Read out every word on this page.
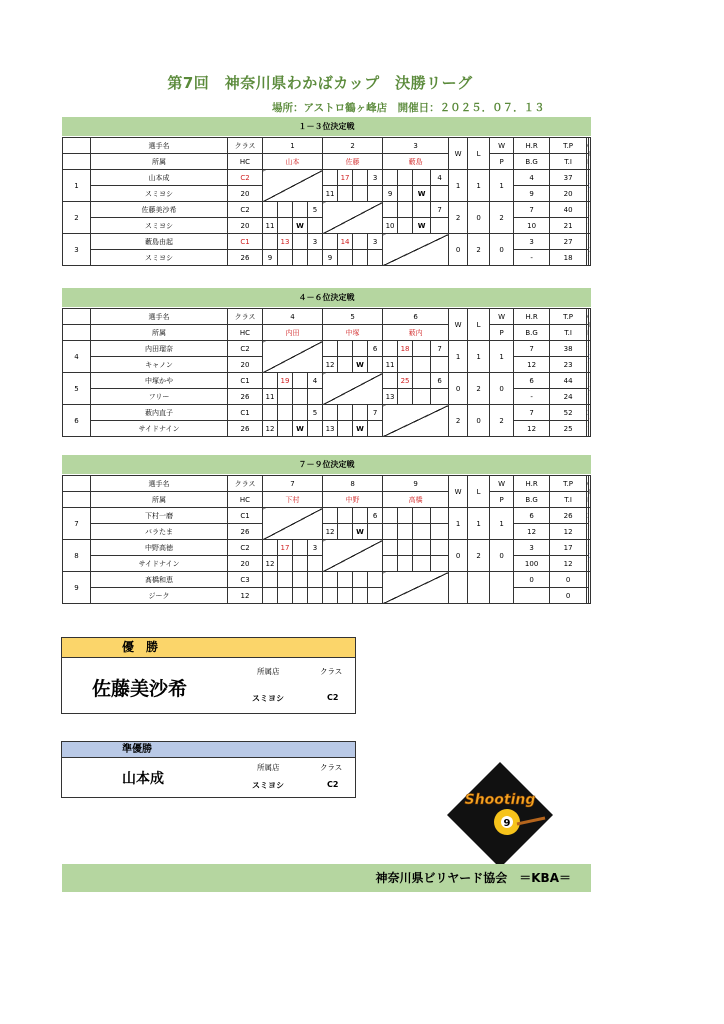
第7回　神奈川県わかばカップ　決勝リーグ
場所：アストロ鶴ヶ峰店　開催日：２０２５．０７．１３
１－３位決定戦
	選手名	クラス	1				2				3				W	L	W	H.R	T.P		
	所属	HC	山本				佐藤				藪島						P	B.G	T.I	
1	山本成	C2						17		3				4	1	1	1	4	37		
	スミヨシ	20					11				9		W					9	20	
2	佐藤美沙希	C2				5								7	2	0	2	7	40		
	スミヨシ	20	11		W						10		W					10	21	
3	藪島由起	C1		13		3		14		3					0	2	0	3	27		
	スミヨシ	26	9				9											-	18	
４－６位決定戦
	選手名	クラス	4				5				6				W	L	W	H.R	T.P		
	所属	HC	内田				中塚				薮内						P	B.G	T.I	
4	内田瑠奈	C2								6		18		7	1	1	1	7	38		
	キャノン	20					12		W		11							12	23	
5	中塚かや	C1		19		4						25		6	0	2	0	6	44		
	フリー	26	11								13							-	24	
6	薮内直子	C1				5				7					2	0	2	7	52		
	サイドナイン	26	12		W		13		W									12	25	
７－９位決定戦
	選手名	クラス	7				8				9				W	L	W	H.R	T.P		
	所属	HC	下村				中野				高橋						P	B.G	T.I	
7	下村一磨	C1								6					1	1	1	6	26		
	バラたま	26					12		W									12	12	
8	中野高徳	C2		17		3									0	2	0	3	17		
	サイドナイン	20	12															100	12	
9	髙橋和恵	C3																0	0		
	ジーク	12																	0		
優　勝
佐藤美沙希
所属店	クラス
スミヨシ	C2
準優勝
山本成
所属店	クラス
スミヨシ	C2
9
Shooting
神奈川県ビリヤード協会　＝KBA＝
